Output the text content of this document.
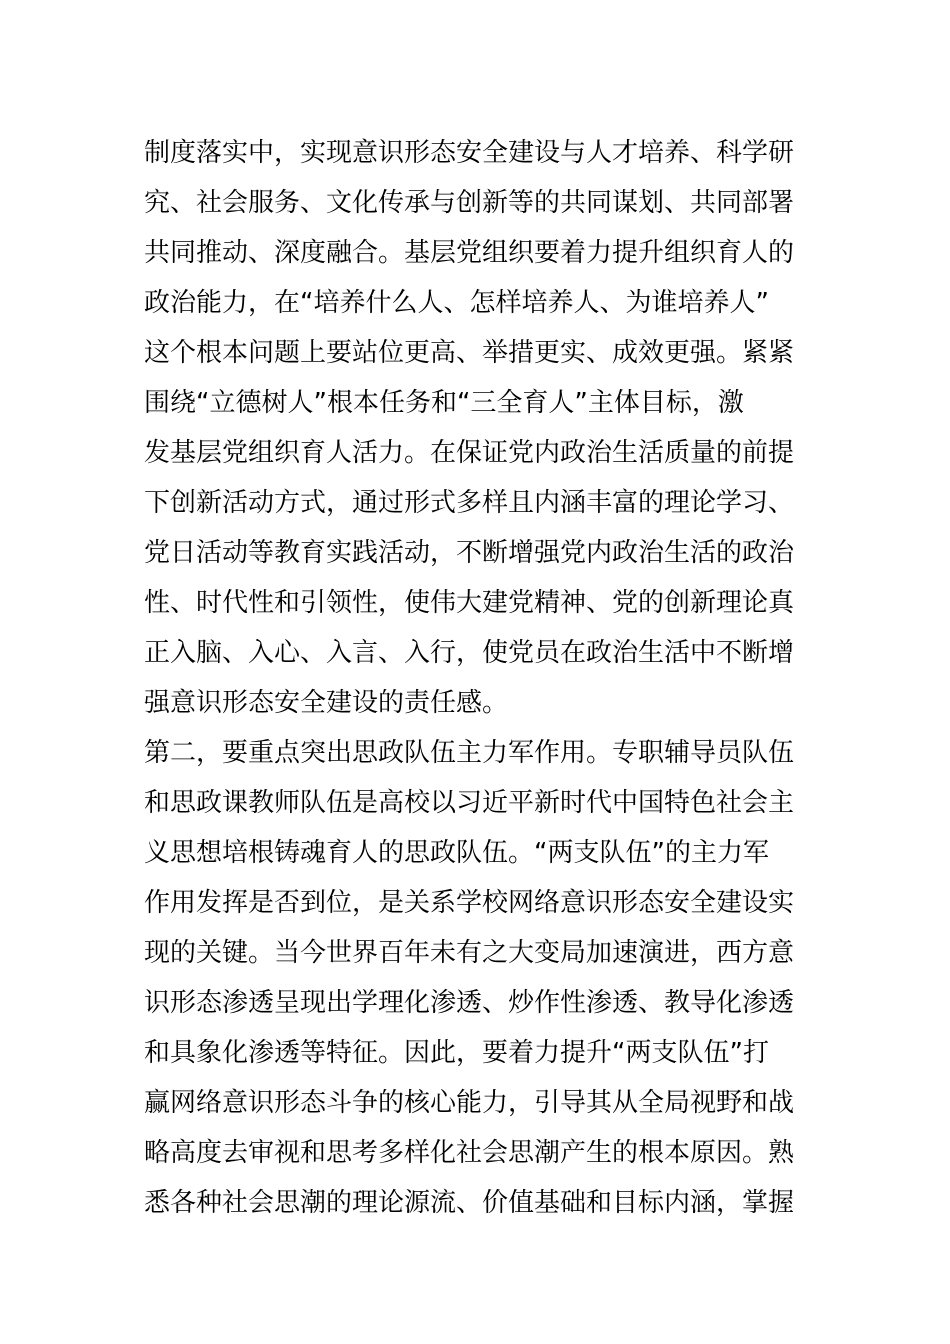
制度落实中，实现意识形态安全建设与人才培养、科学研
究、社会服务、文化传承与创新等的共同谋划、共同部署
共同推动、深度融合。基层党组织要着力提升组织育人的
政治能力，在“培养什么人、怎样培养人、为谁培养人”
这个根本问题上要站位更高、举措更实、成效更强。紧紧
围绕“立德树人”根本任务和“三全育人”主体目标，激
发基层党组织育人活力。在保证党内政治生活质量的前提
下创新活动方式，通过形式多样且内涵丰富的理论学习、
党日活动等教育实践活动，不断增强党内政治生活的政治
性、时代性和引领性，使伟大建党精神、党的创新理论真
正入脑、入心、入言、入行，使党员在政治生活中不断增
强意识形态安全建设的责任感。
第二，要重点突出思政队伍主力军作用。专职辅导员队伍
和思政课教师队伍是高校以习近平新时代中国特色社会主
义思想培根铸魂育人的思政队伍。“两支队伍”的主力军
作用发挥是否到位，是关系学校网络意识形态安全建设实
现的关键。当今世界百年未有之大变局加速演进，西方意
识形态渗透呈现出学理化渗透、炒作性渗透、教导化渗透
和具象化渗透等特征。因此，要着力提升“两支队伍”打
赢网络意识形态斗争的核心能力，引导其从全局视野和战
略高度去审视和思考多样化社会思潮产生的根本原因。熟
悉各种社会思潮的理论源流、价值基础和目标内涵，掌握
